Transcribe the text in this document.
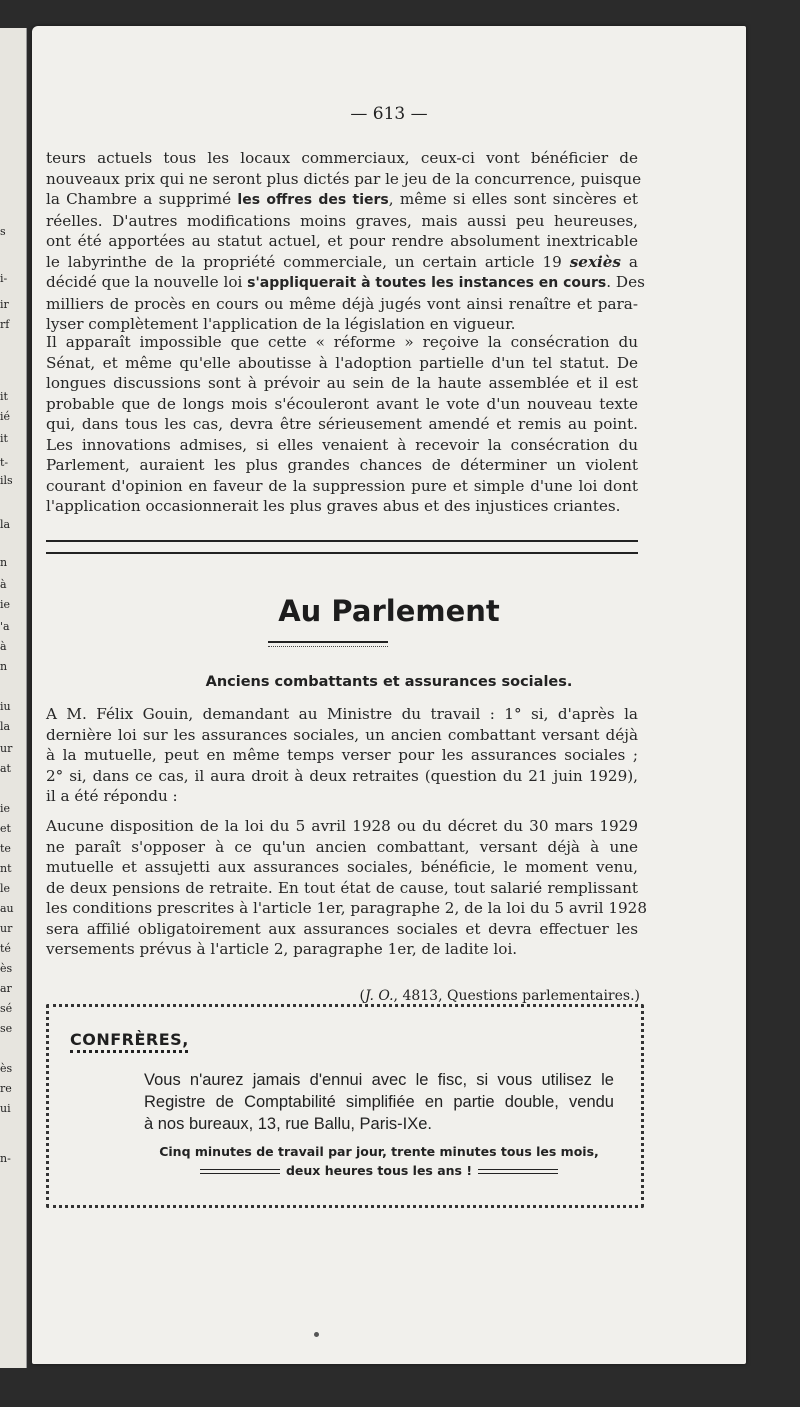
s
i-
ir
rf
it
ié
it
t-
ils
la
n
à
ie
'a
à
n
iu
la
ur
at
ie
et
te
nt
le
au
ur
té
ès
ar
sé
se
ès
re
ui
n-
— 613 —
teurs actuels tous les locaux commerciaux, ceux-ci vont bénéficier de
nouveaux prix qui ne seront plus dictés par le jeu de la concurrence, puisque
la Chambre a supprimé les offres des tiers, même si elles sont sincères et
réelles. D'autres modifications moins graves, mais aussi peu heureuses,
ont été apportées au statut actuel, et pour rendre absolument inextricable
le labyrinthe de la propriété commerciale, un certain article 19 sexiès a
décidé que la nouvelle loi s'appliquerait à toutes les instances en cours. Des
milliers de procès en cours ou même déjà jugés vont ainsi renaître et para-
lyser complètement l'application de la législation en vigueur.
Il apparaît impossible que cette « réforme » reçoive la consécration du
Sénat, et même qu'elle aboutisse à l'adoption partielle d'un tel statut. De
longues discussions sont à prévoir au sein de la haute assemblée et il est
probable que de longs mois s'écouleront avant le vote d'un nouveau texte
qui, dans tous les cas, devra être sérieusement amendé et remis au point.
Les innovations admises, si elles venaient à recevoir la consécration du
Parlement, auraient les plus grandes chances de déterminer un violent
courant d'opinion en faveur de la suppression pure et simple d'une loi dont
l'application occasionnerait les plus graves abus et des injustices criantes.
Au Parlement
Anciens combattants et assurances sociales.
A M. Félix Gouin, demandant au Ministre du travail : 1° si, d'après la
dernière loi sur les assurances sociales, un ancien combattant versant déjà
à la mutuelle, peut en même temps verser pour les assurances sociales ;
2° si, dans ce cas, il aura droit à deux retraites (question du 21 juin 1929),
il a été répondu :
Aucune disposition de la loi du 5 avril 1928 ou du décret du 30 mars 1929
ne paraît s'opposer à ce qu'un ancien combattant, versant déjà à une
mutuelle et assujetti aux assurances sociales, bénéficie, le moment venu,
de deux pensions de retraite. En tout état de cause, tout salarié remplissant
les conditions prescrites à l'article 1er, paragraphe 2, de la loi du 5 avril 1928
sera affilié obligatoirement aux assurances sociales et devra effectuer les
versements prévus à l'article 2, paragraphe 1er, de ladite loi.
(J. O., 4813, Questions parlementaires.)
CONFRÈRES,
Vous n'aurez jamais d'ennui avec le fisc, si vous utilisez le
Registre de Comptabilité simplifiée en partie double, vendu
à nos bureaux, 13, rue Ballu, Paris-IXe.
Cinq minutes de travail par jour, trente minutes tous les mois,
deux heures tous les ans !
